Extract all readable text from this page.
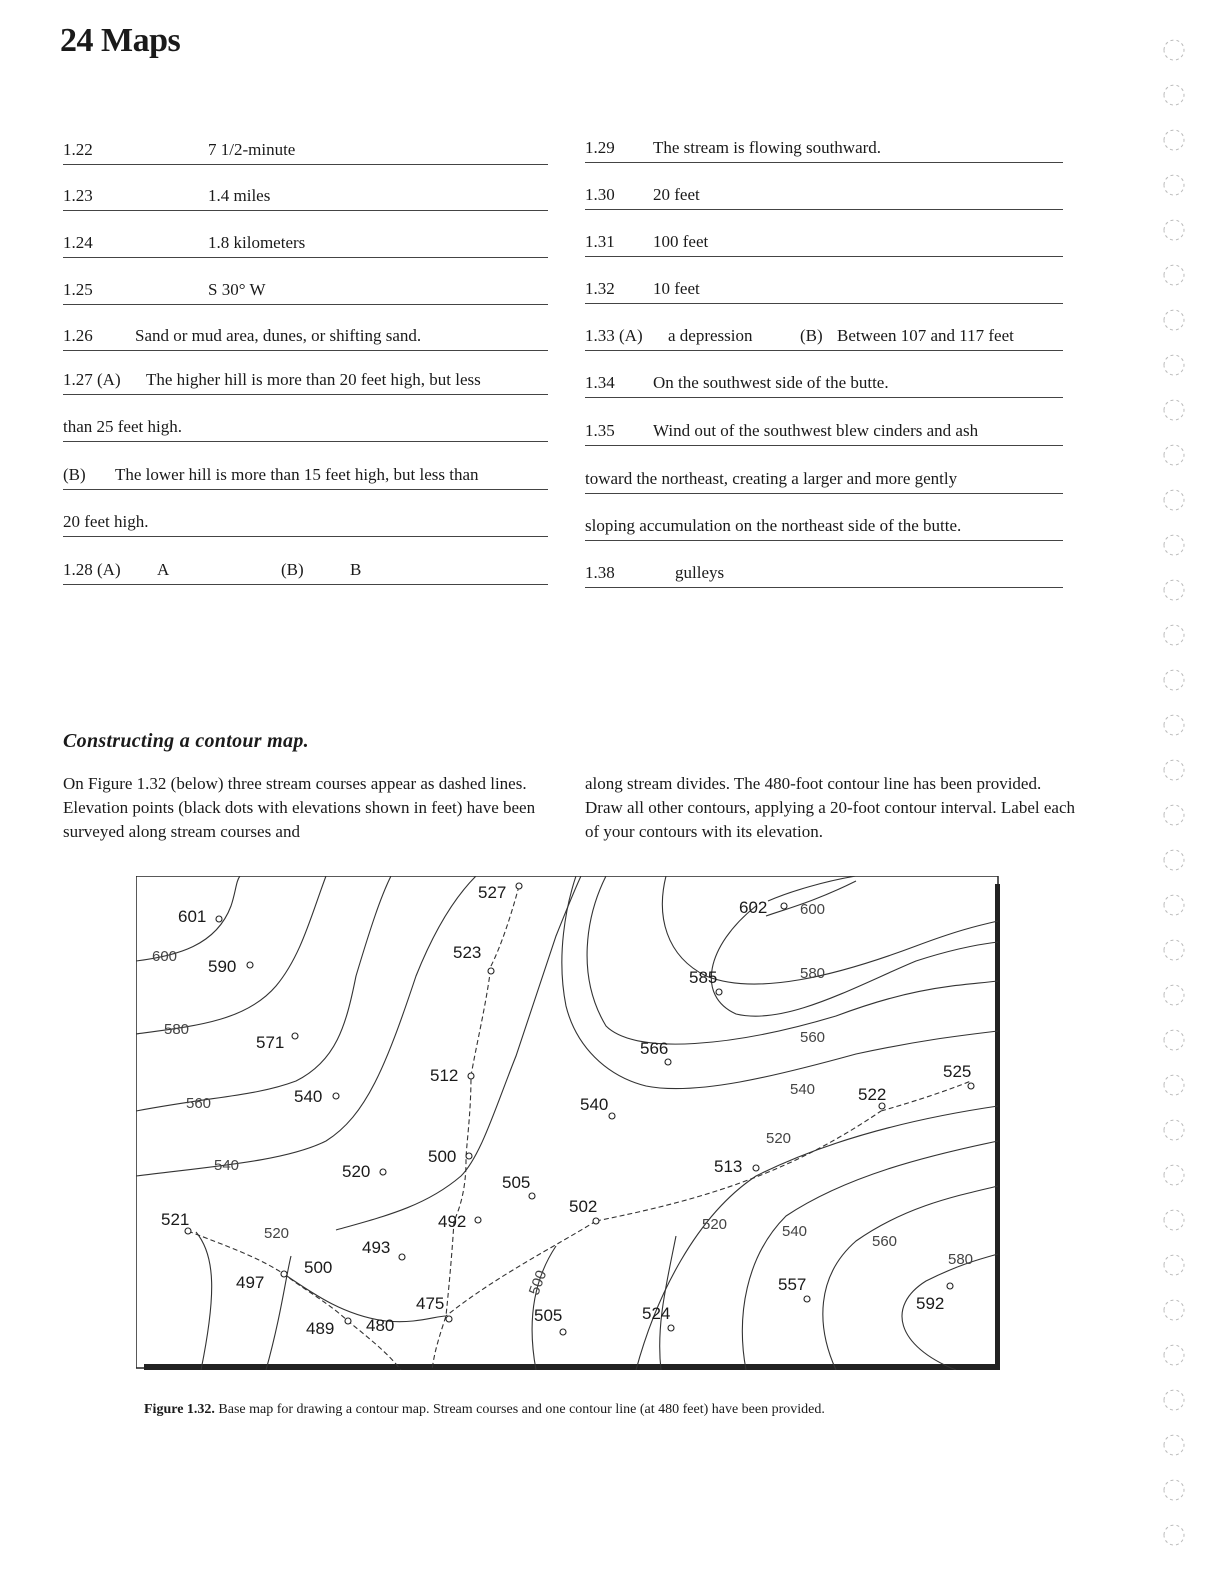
24 Maps
1.22	7 1/2-minute
1.23	1.4 miles
1.24	1.8 kilometers
1.25	S 30° W
1.26 Sand or mud area, dunes, or shifting sand.
1.27 (A) The higher hill is more than 20 feet high, but less
than 25 feet high.
(B) The lower hill is more than 15 feet high, but less than
20 feet high.
1.28 (A) A	(B)	B
1.29 The stream is flowing southward.
1.30 20 feet
1.31 100 feet
1.32 10 feet
1.33 (A) a depression	(B) Between 107 and 117 feet
1.34 On the southwest side of the butte.
1.35 Wind out of the southwest blew cinders and ash
toward the northeast, creating a larger and more gently
sloping accumulation on the northeast side of the butte.
1.38	gulleys
Constructing a contour map.
On Figure 1.32 (below) three stream courses appear as dashed lines. Elevation points (black dots with elevations shown in feet) have been surveyed along stream courses and
along stream divides. The 480-foot contour line has been provided. Draw all other contours, applying a 20-foot contour interval. Label each of your contours with its elevation.
601
590
571
540
527
523
512
500
520
521
493
492
505
502
497
500
489 480
475
505	524
602
585
566
540
525
522
513
557
592
600
580
560
540
520
600
580
560
540
520
520	540
560
580
500
Figure 1.32. Base map for drawing a contour map. Stream courses and one contour line (at 480 feet) have been provided.
